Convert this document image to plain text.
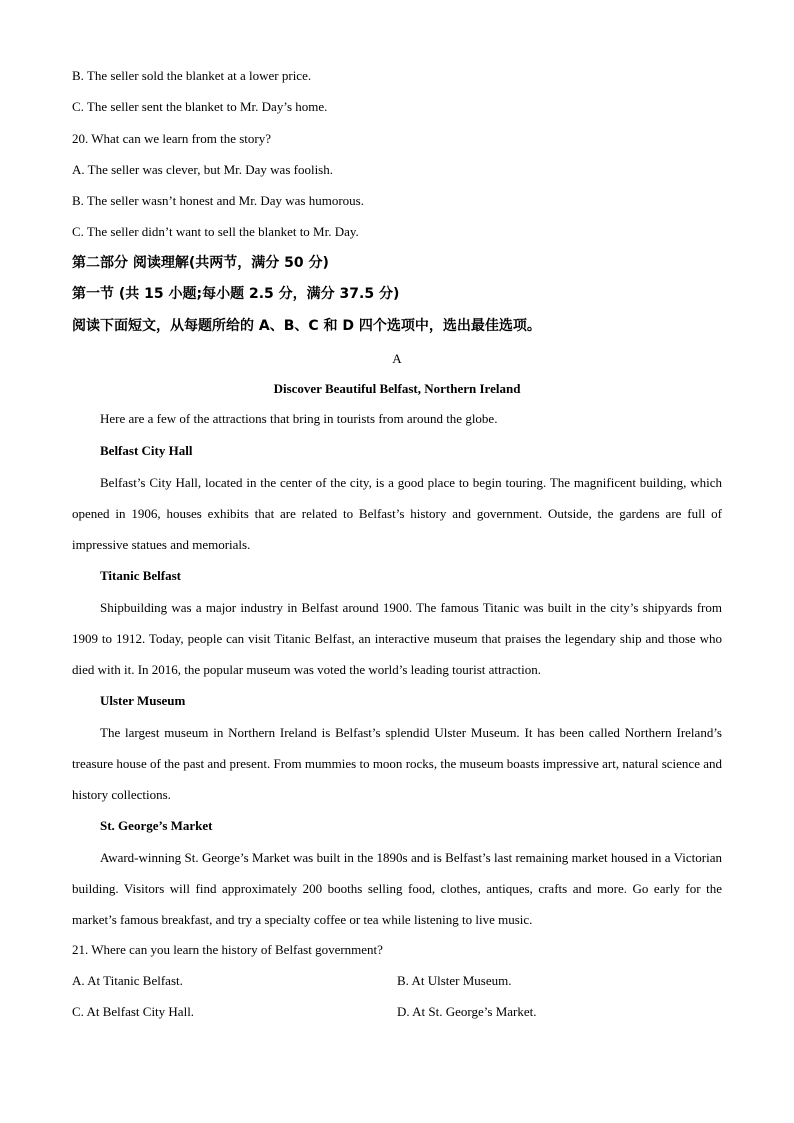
B. The seller sold the blanket at a lower price.
C. The seller sent the blanket to Mr. Day’s home.
20. What can we learn from the story?
A. The seller was clever, but Mr. Day was foolish.
B. The seller wasn’t honest and Mr. Day was humorous.
C. The seller didn’t want to sell the blanket to Mr. Day.
第二部分 阅读理解(共两节，满分 50 分)
第一节 (共 15 小题;每小题 2.5 分，满分 37.5 分)
阅读下面短文，从每题所给的 A、B、C 和 D 四个选项中，选出最佳选项。
A
Discover Beautiful Belfast, Northern Ireland
Here are a few of the attractions that bring in tourists from around the globe.
Belfast City Hall

Belfast’s City Hall, located in the center of the city, is a good place to begin touring. The magnificent building, which opened in 1906, houses exhibits that are related to Belfast’s history and government. Outside, the gardens are full of impressive statues and memorials.

Titanic Belfast

Shipbuilding was a major industry in Belfast around 1900. The famous Titanic was built in the city’s shipyards from 1909 to 1912. Today, people can visit Titanic Belfast, an interactive museum that praises the legendary ship and those who died with it. In 2016, the popular museum was voted the world’s leading tourist attraction.

Ulster Museum

The largest museum in Northern Ireland is Belfast’s splendid Ulster Museum. It has been called Northern Ireland’s treasure house of the past and present. From mummies to moon rocks, the museum boasts impressive art, natural science and history collections.

St. George’s Market

Award-winning St. George’s Market was built in the 1890s and is Belfast’s last remaining market housed in a Victorian building. Visitors will find approximately 200 booths selling food, clothes, antiques, crafts and more. Go early for the market’s famous breakfast, and try a specialty coffee or tea while listening to live music.

21. Where can you learn the history of Belfast government?
A. At Titanic Belfast.	B. At Ulster Museum.
C. At Belfast City Hall.	D. At St. George’s Market.
